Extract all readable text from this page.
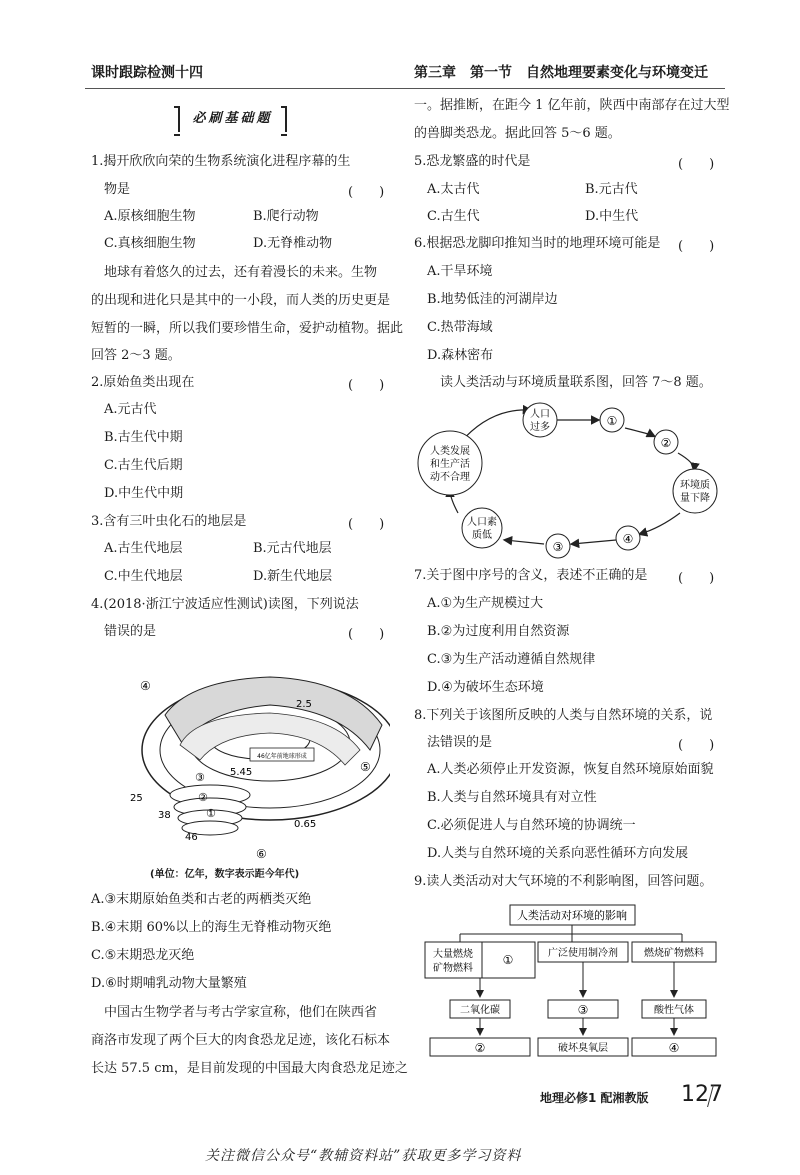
课时跟踪检测十四	第三章　第一节　自然地理要素变化与环境变迁
必刷基础题
1.揭开欣欣向荣的生物系统演化进程序幕的生
物是	(　　)
A.原核细胞生物	B.爬行动物
C.真核细胞生物	D.无脊椎动物
地球有着悠久的过去，还有着漫长的未来。生物
的出现和进化只是其中的一小段，而人类的历史更是
短暂的一瞬，所以我们要珍惜生命，爱护动植物。据此
回答 2～3 题。
2.原始鱼类出现在	(　　)
A.元古代
B.古生代中期
C.古生代后期
D.中生代中期
3.含有三叶虫化石的地层是	(　　)
A.古生代地层	B.元古代地层
C.中生代地层	D.新生代地层
4.(2018·浙江宁波适应性测试)读图，下列说法
错误的是	(　　)
46亿年前地球形成
④
⑤
⑥
③
②
①
2.5
5.45
25
38
46
0.65
(单位：亿年，数字表示距今年代)
A.③末期原始鱼类和古老的两栖类灭绝
B.④末期 60%以上的海生无脊椎动物灭绝
C.⑤末期恐龙灭绝
D.⑥时期哺乳动物大量繁殖
中国古生物学者与考古学家宣称，他们在陕西省
商洛市发现了两个巨大的肉食恐龙足迹，该化石标本
长达 57.5 cm，是目前发现的中国最大肉食恐龙足迹之
一。据推断，在距今 1 亿年前，陕西中南部存在过大型
的兽脚类恐龙。据此回答 5～6 题。
5.恐龙繁盛的时代是	(　　)
A.太古代	B.元古代
C.古生代	D.中生代
6.根据恐龙脚印推知当时的地理环境可能是 (　　)
A.干旱环境
B.地势低洼的河湖岸边
C.热带海域
D.森林密布
读人类活动与环境质量联系图，回答 7～8 题。
人类发展
和生产活
动不合理
人口
过多	①
②
环境质
量下降
④
③
人口素
质低
7.关于图中序号的含义，表述不正确的是 (　　)
A.①为生产规模过大
B.②为过度利用自然资源
C.③为生产活动遵循自然规律
D.④为破坏生态环境
8.下列关于该图所反映的人类与自然环境的关系，说
法错误的是	(　　)
A.人类必须停止开发资源，恢复自然环境原始面貌
B.人类与自然环境具有对立性
C.必须促进人与自然环境的协调统一
D.人类与自然环境的关系向恶性循环方向发展
9.读人类活动对大气环境的不利影响图，回答问题。
人类活动对环境的影响
大量燃烧
矿物燃料
①	广泛使用制冷剂	燃烧矿物燃料
二氧化碳	③	酸性气体
②	破坏臭氧层	④
地理必修1 配湘教版 127
关注微信公众号“教辅资料站”获取更多学习资料
